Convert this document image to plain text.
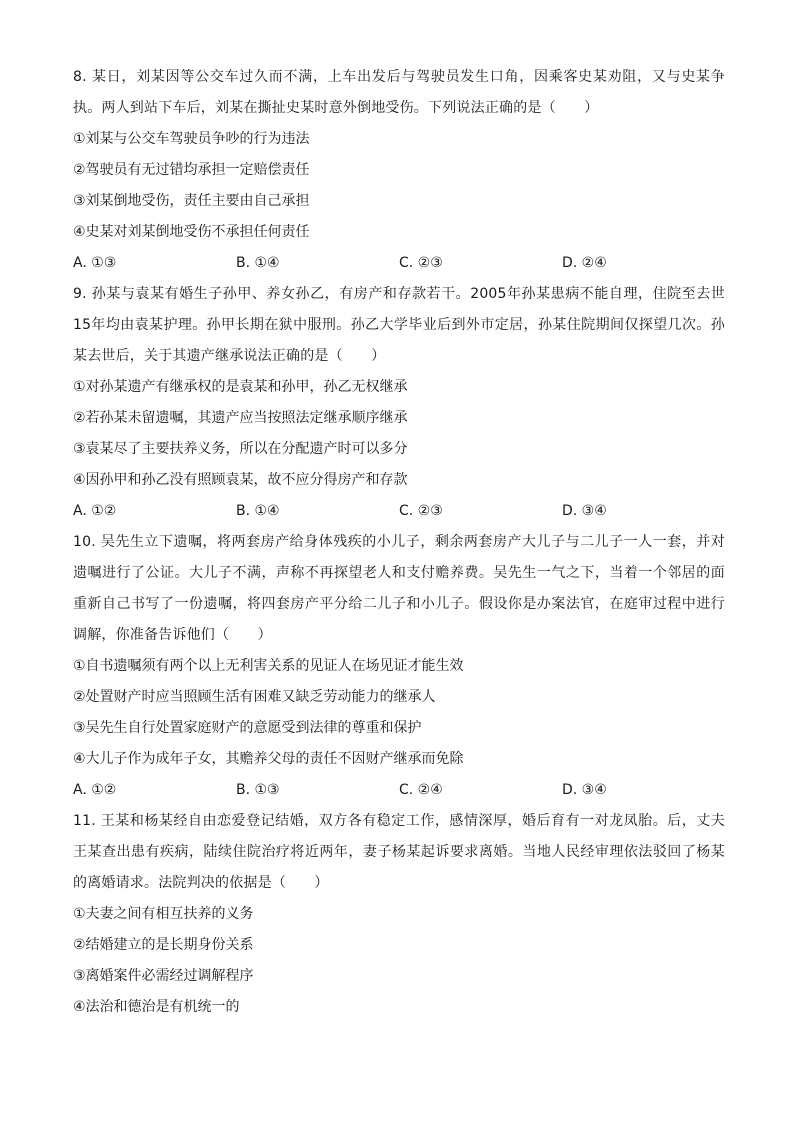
8. 某日，刘某因等公交车过久而不满，上车出发后与驾驶员发生口角，因乘客史某劝阻，又与史某争执。两人到站下车后，刘某在撕扯史某时意外倒地受伤。下列说法正确的是（　　）

①刘某与公交车驾驶员争吵的行为违法

②驾驶员有无过错均承担一定赔偿责任

③刘某倒地受伤，责任主要由自己承担

④史某对刘某倒地受伤不承担任何责任

A. ①③	B. ①④	C. ②③	D. ②④

9. 孙某与袁某有婚生子孙甲、养女孙乙，有房产和存款若干。2005年孙某患病不能自理，住院至去世15年均由袁某护理。孙甲长期在狱中服刑。孙乙大学毕业后到外市定居，孙某住院期间仅探望几次。孙某去世后，关于其遗产继承说法正确的是（　　）

①对孙某遗产有继承权的是袁某和孙甲，孙乙无权继承

②若孙某未留遗嘱，其遗产应当按照法定继承顺序继承

③袁某尽了主要扶养义务，所以在分配遗产时可以多分

④因孙甲和孙乙没有照顾袁某，故不应分得房产和存款

A. ①②	B. ①④	C. ②③	D. ③④

10. 吴先生立下遗嘱，将两套房产给身体残疾的小儿子，剩余两套房产大儿子与二儿子一人一套，并对遗嘱进行了公证。大儿子不满，声称不再探望老人和支付赡养费。吴先生一气之下，当着一个邻居的面重新自己书写了一份遗嘱，将四套房产平分给二儿子和小儿子。假设你是办案法官，在庭审过程中进行调解，你准备告诉他们（　　）

①自书遗嘱须有两个以上无利害关系的见证人在场见证才能生效

②处置财产时应当照顾生活有困难又缺乏劳动能力的继承人

③吴先生自行处置家庭财产的意愿受到法律的尊重和保护

④大儿子作为成年子女，其赡养父母的责任不因财产继承而免除

A. ①②	B. ①③	C. ②④	D. ③④

11. 王某和杨某经自由恋爱登记结婚，双方各有稳定工作，感情深厚，婚后育有一对龙凤胎。后，丈夫王某查出患有疾病，陆续住院治疗将近两年，妻子杨某起诉要求离婚。当地人民经审理依法驳回了杨某的离婚请求。法院判决的依据是（　　）

①夫妻之间有相互扶养的义务

②结婚建立的是长期身份关系

③离婚案件必需经过调解程序

④法治和德治是有机统一的
